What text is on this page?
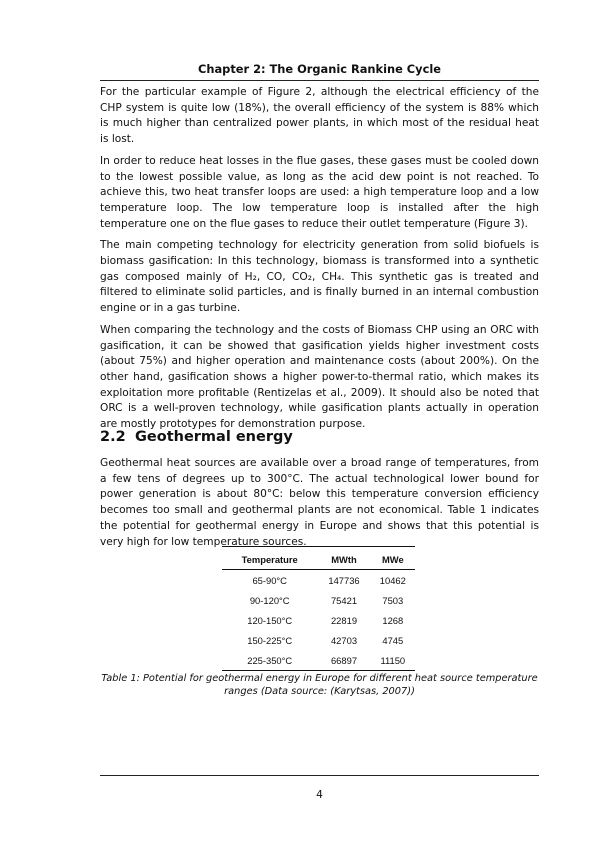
Chapter 2: The Organic Rankine Cycle

For the particular example of Figure 2, although the electrical efficiency of the CHP system is quite low (18%), the overall efficiency of the system is 88% which is much higher than centralized power plants, in which most of the residual heat is lost.

In order to reduce heat losses in the flue gases, these gases must be cooled down to the lowest possible value, as long as the acid dew point is not reached. To achieve this, two heat transfer loops are used: a high temperature loop and a low temperature loop. The low temperature loop is installed after the high temperature one on the flue gases to reduce their outlet temperature (Figure 3).

The main competing technology for electricity generation from solid biofuels is biomass gasification: In this technology, biomass is transformed into a synthetic gas composed mainly of H₂, CO, CO₂, CH₄. This synthetic gas is treated and filtered to eliminate solid particles, and is finally burned in an internal combustion engine or in a gas turbine.

When comparing the technology and the costs of Biomass CHP using an ORC with gasification, it can be showed that gasification yields higher investment costs (about 75%) and higher operation and maintenance costs (about 200%). On the other hand, gasification shows a higher power-to-thermal ratio, which makes its exploitation more profitable (Rentizelas et al., 2009). It should also be noted that ORC is a well-proven technology, while gasification plants actually in operation are mostly prototypes for demonstration purpose.

2.2 Geothermal energy

Geothermal heat sources are available over a broad range of temperatures, from a few tens of degrees up to 300°C. The actual technological lower bound for power generation is about 80°C: below this temperature conversion efficiency becomes too small and geothermal plants are not economical. Table 1 indicates the potential for geothermal energy in Europe and shows that this potential is very high for low temperature sources.

Temperature	MWth	MWe
65-90°C	147736	10462
90-120°C	75421	7503
120-150°C	22819	1268
150-225°C	42703	4745
225-350°C	66897	11150
Table 1: Potential for geothermal energy in Europe for different heat source temperature ranges (Data source: (Karytsas, 2007))
4
